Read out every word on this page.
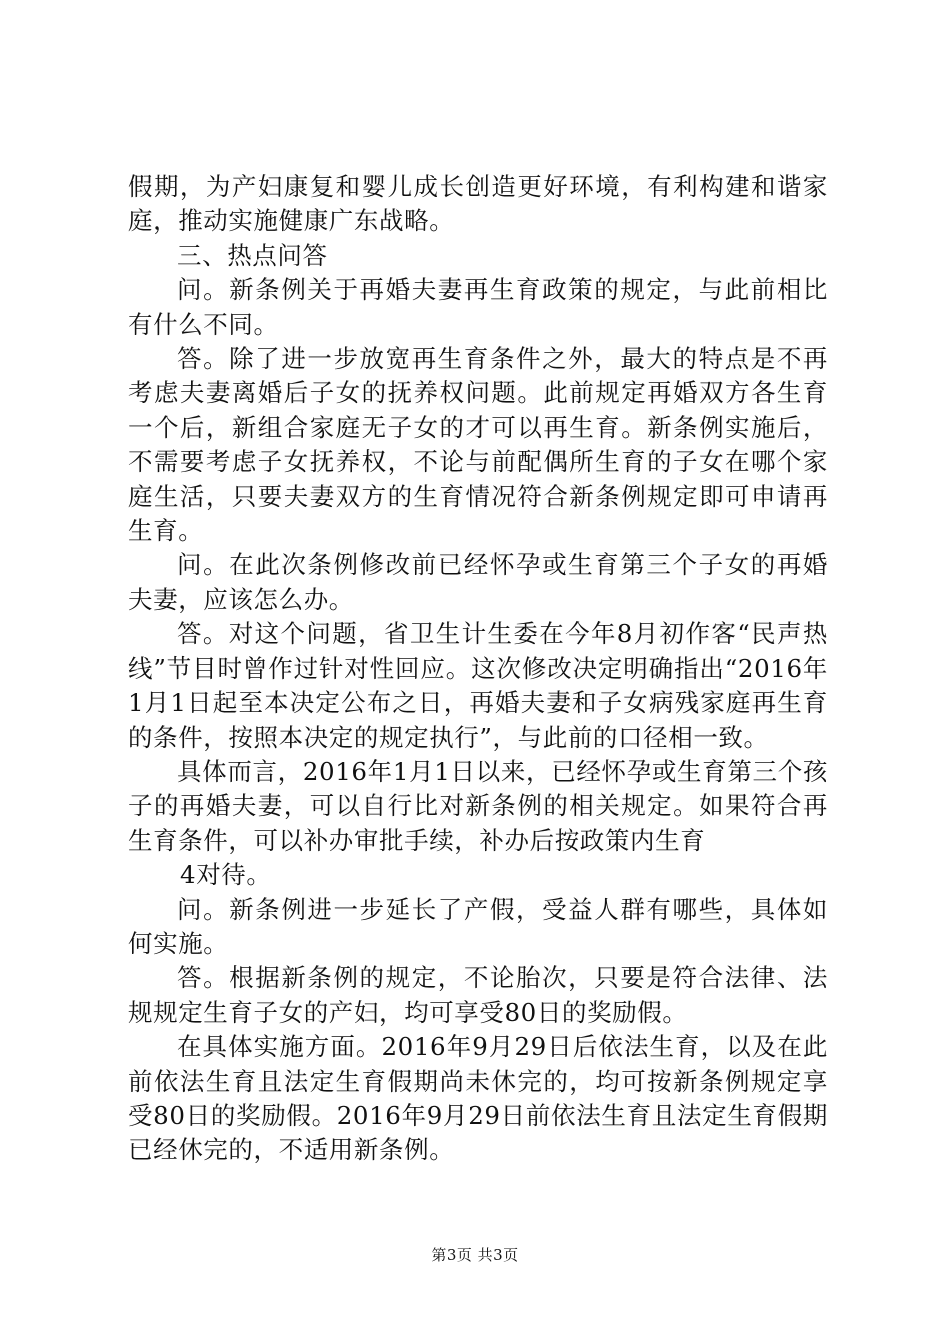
假期，为产妇康复和婴儿成长创造更好环境，有利构建和谐家庭，推动实施健康广东战略。

三、热点问答

问。新条例关于再婚夫妻再生育政策的规定，与此前相比有什么不同。

答。除了进一步放宽再生育条件之外，最大的特点是不再考虑夫妻离婚后子女的抚养权问题。此前规定再婚双方各生育一个后，新组合家庭无子女的才可以再生育。新条例实施后，不需要考虑子女抚养权，不论与前配偶所生育的子女在哪个家庭生活，只要夫妻双方的生育情况符合新条例规定即可申请再生育。

问。在此次条例修改前已经怀孕或生育第三个子女的再婚夫妻，应该怎么办。

答。对这个问题，省卫生计生委在今年8月初作客“民声热线”节目时曾作过针对性回应。这次修改决定明确指出“2016年1月1日起至本决定公布之日，再婚夫妻和子女病残家庭再生育的条件，按照本决定的规定执行”，与此前的口径相一致。

具体而言，2016年1月1日以来，已经怀孕或生育第三个孩子的再婚夫妻，可以自行比对新条例的相关规定。如果符合再生育条件，可以补办审批手续，补办后按政策内生育

4对待。

问。新条例进一步延长了产假，受益人群有哪些，具体如何实施。

答。根据新条例的规定，不论胎次，只要是符合法律、法规规定生育子女的产妇，均可享受80日的奖励假。

在具体实施方面。2016年9月29日后依法生育，以及在此前依法生育且法定生育假期尚未休完的，均可按新条例规定享受80日的奖励假。2016年9月29日前依法生育且法定生育假期已经休完的，不适用新条例。

第3页 共3页
